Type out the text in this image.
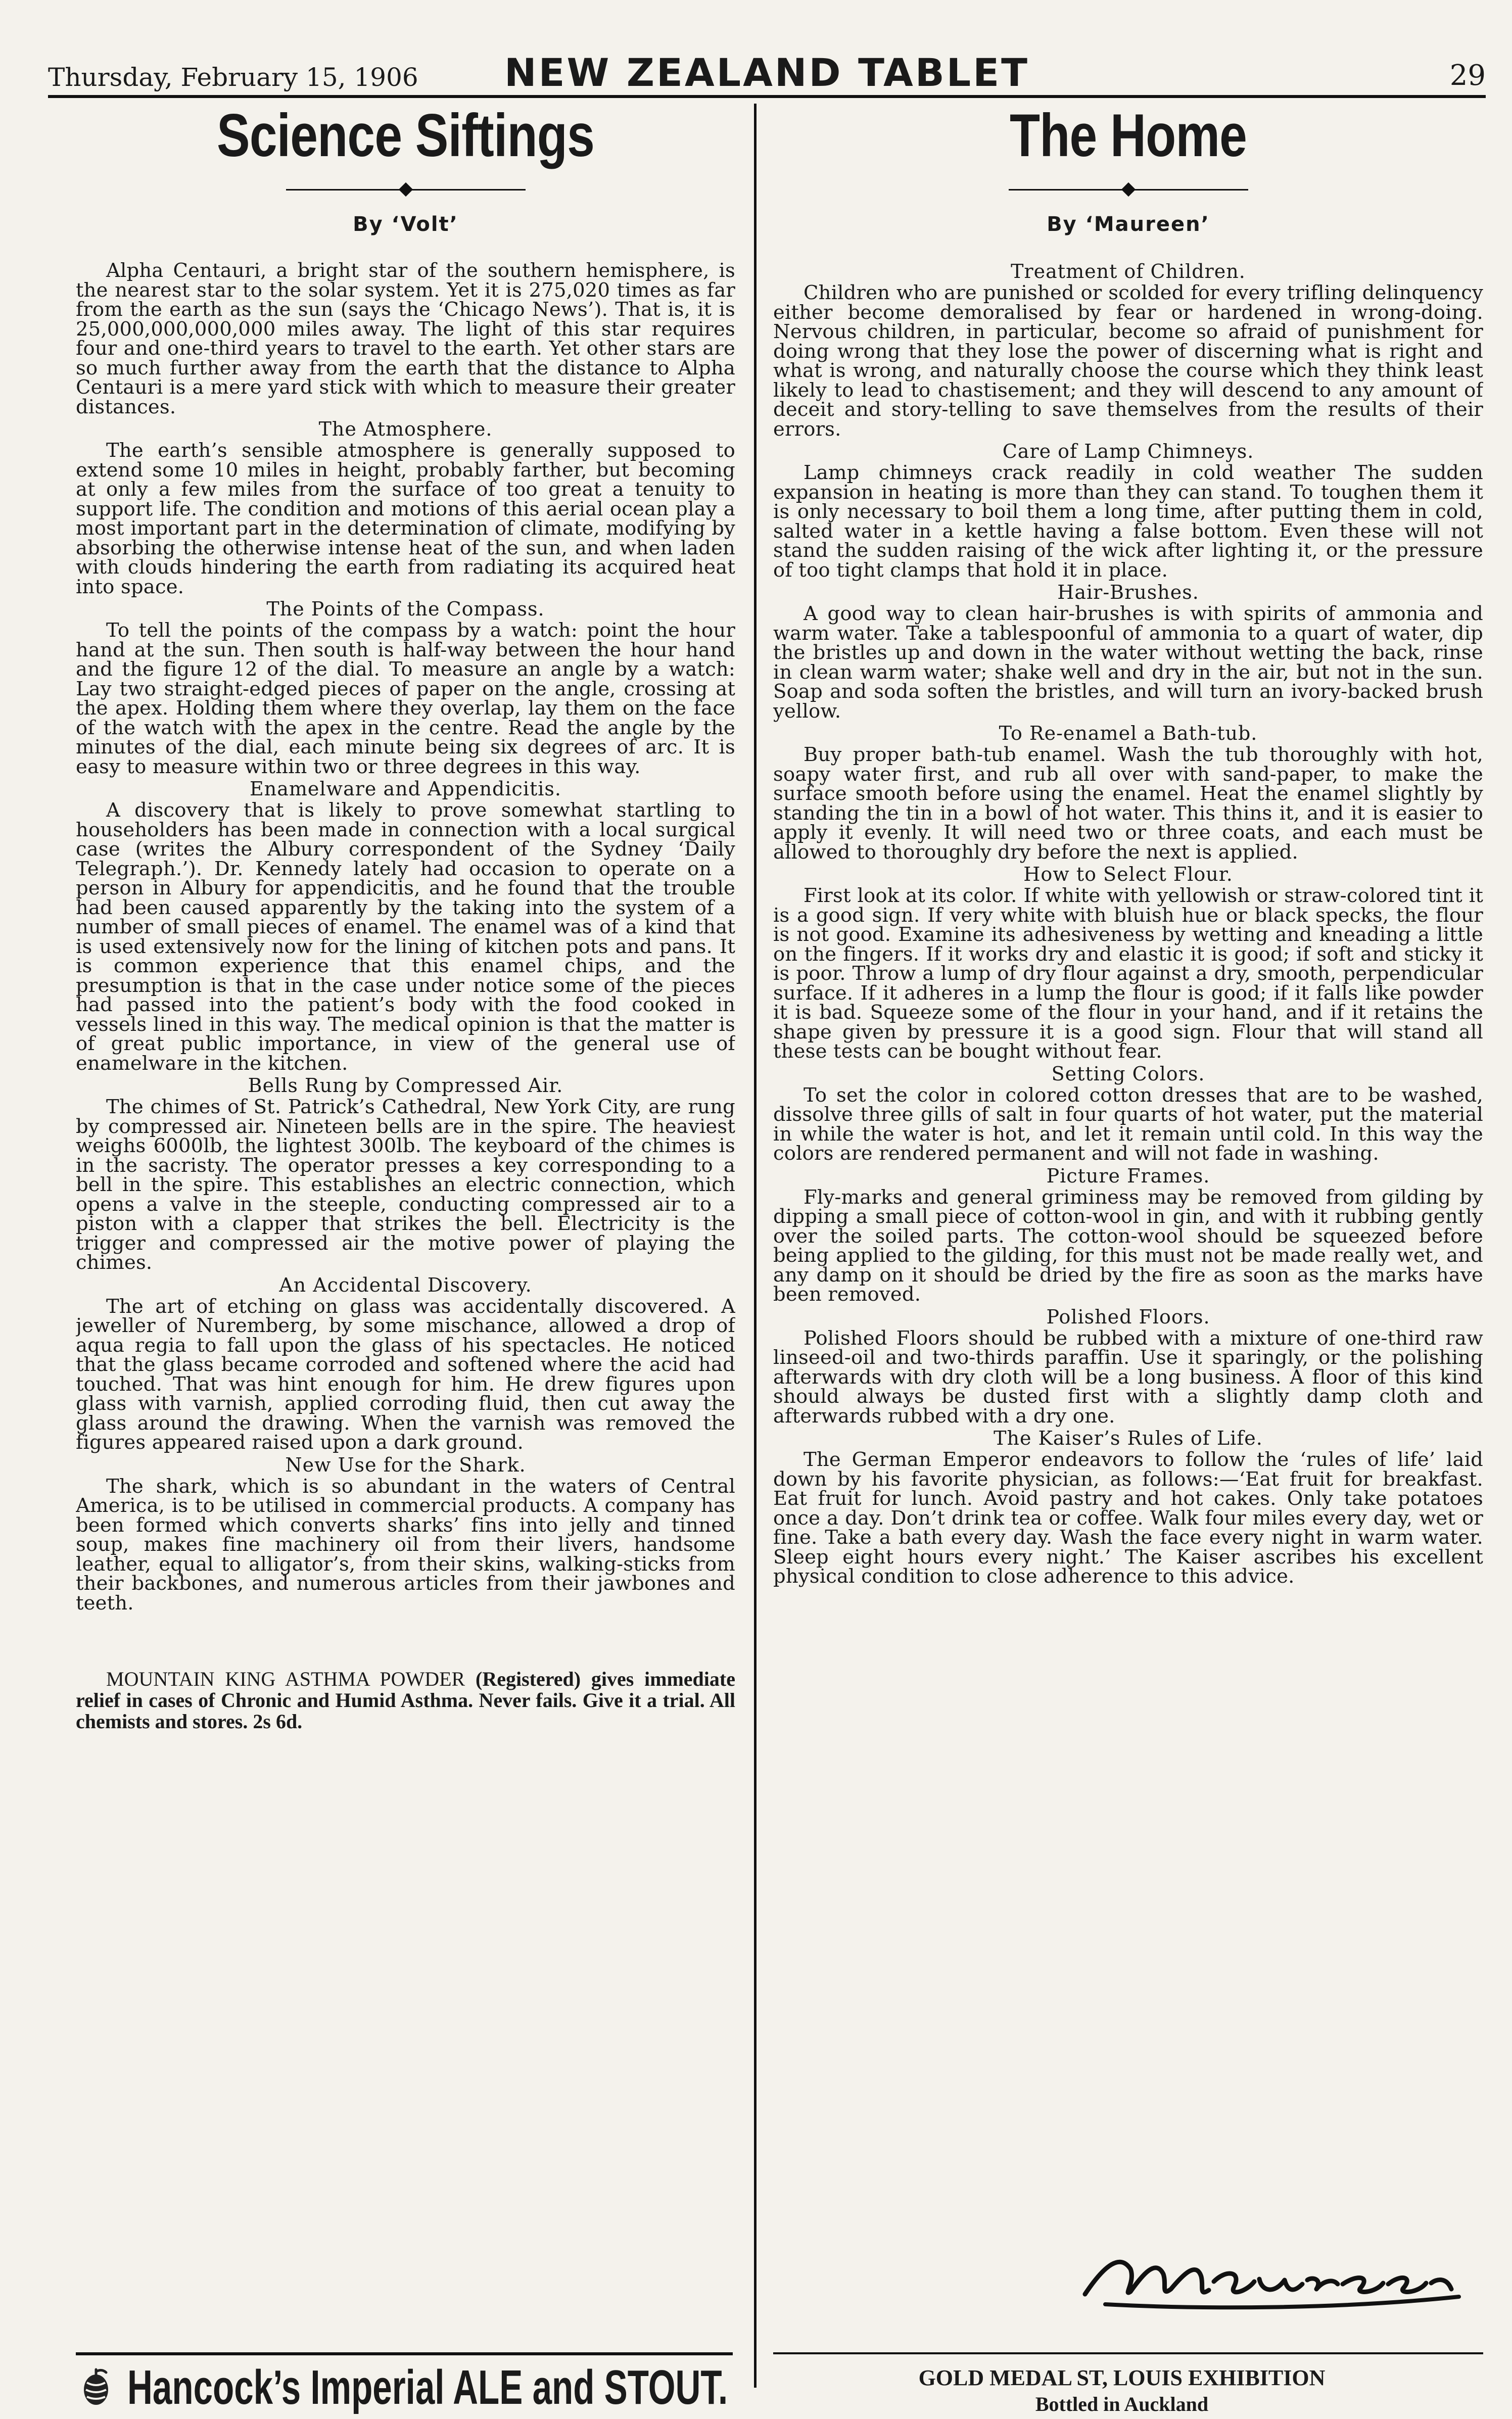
Thursday, February 15, 1906	NEW ZEALAND TABLET	29
Science Siftings

By ‘Volt’

Alpha Centauri, a bright star of the southern hemisphere, is the nearest star to the solar system. Yet it is 275,020 times as far from the earth as the sun (says the ‘Chicago News’). That is, it is 25,000,000,000,000 miles away. The light of this star requires four and one-third years to travel to the earth. Yet other stars are so much further away from the earth that the distance to Alpha Centauri is a mere yard stick with which to measure their greater distances.

The Atmosphere.

The earth’s sensible atmosphere is generally supposed to extend some 10 miles in height, probably farther, but becoming at only a few miles from the surface of too great a tenuity to support life. The condition and motions of this aerial ocean play a most important part in the determination of climate, modifying by absorbing the otherwise intense heat of the sun, and when laden with clouds hindering the earth from radiating its acquired heat into space.

The Points of the Compass.

To tell the points of the compass by a watch: point the hour hand at the sun. Then south is half-way between the hour hand and the figure 12 of the dial. To measure an angle by a watch: Lay two straight-edged pieces of paper on the angle, crossing at the apex. Holding them where they overlap, lay them on the face of the watch with the apex in the centre. Read the angle by the minutes of the dial, each minute being six degrees of arc. It is easy to measure within two or three degrees in this way.

Enamelware and Appendicitis.

A discovery that is likely to prove somewhat startling to householders has been made in connection with a local surgical case (writes the Albury correspondent of the Sydney ‘Daily Telegraph.’). Dr. Kennedy lately had occasion to operate on a person in Albury for appendicitis, and he found that the trouble had been caused apparently by the taking into the system of a number of small pieces of enamel. The enamel was of a kind that is used extensively now for the lining of kitchen pots and pans. It is common experience that this enamel chips, and the presumption is that in the case under notice some of the pieces had passed into the patient’s body with the food cooked in vessels lined in this way. The medical opinion is that the matter is of great public importance, in view of the general use of enamelware in the kitchen.

Bells Rung by Compressed Air.

The chimes of St. Patrick’s Cathedral, New York City, are rung by compressed air. Nineteen bells are in the spire. The heaviest weighs 6000lb, the lightest 300lb. The keyboard of the chimes is in the sacristy. The operator presses a key corresponding to a bell in the spire. This establishes an electric connection, which opens a valve in the steeple, conducting compressed air to a piston with a clapper that strikes the bell. Electricity is the trigger and compressed air the motive power of playing the chimes.

An Accidental Discovery.

The art of etching on glass was accidentally discovered. A jeweller of Nuremberg, by some mischance, allowed a drop of aqua regia to fall upon the glass of his spectacles. He noticed that the glass became corroded and softened where the acid had touched. That was hint enough for him. He drew figures upon glass with varnish, applied corroding fluid, then cut away the glass around the drawing. When the varnish was removed the figures appeared raised upon a dark ground.

New Use for the Shark.

The shark, which is so abundant in the waters of Central America, is to be utilised in commercial products. A company has been formed which converts sharks’ fins into jelly and tinned soup, makes fine machinery oil from their livers, handsome leather, equal to alligator’s, from their skins, walking-sticks from their backbones, and numerous articles from their jawbones and teeth.

MOUNTAIN KING ASTHMA POWDER (Registered) gives immediate relief in cases of Chronic and Humid Asthma. Never fails. Give it a trial. All chemists and stores. 2s 6d.

The Home

By ‘Maureen’

Treatment of Children.

Children who are punished or scolded for every trifling delinquency either become demoralised by fear or hardened in wrong-doing. Nervous children, in particular, become so afraid of punishment for doing wrong that they lose the power of discerning what is right and what is wrong, and naturally choose the course which they think least likely to lead to chastisement; and they will descend to any amount of deceit and story-telling to save themselves from the results of their errors.

Care of Lamp Chimneys.

Lamp chimneys crack readily in cold weather The sudden expansion in heating is more than they can stand. To toughen them it is only necessary to boil them a long time, after putting them in cold, salted water in a kettle having a false bottom. Even these will not stand the sudden raising of the wick after lighting it, or the pressure of too tight clamps that hold it in place.

Hair-Brushes.

A good way to clean hair-brushes is with spirits of ammonia and warm water. Take a tablespoonful of ammonia to a quart of water, dip the bristles up and down in the water without wetting the back, rinse in clean warm water; shake well and dry in the air, but not in the sun. Soap and soda soften the bristles, and will turn an ivory-backed brush yellow.

To Re-enamel a Bath-tub.

Buy proper bath-tub enamel. Wash the tub thoroughly with hot, soapy water first, and rub all over with sand-paper, to make the surface smooth before using the enamel. Heat the enamel slightly by standing the tin in a bowl of hot water. This thins it, and it is easier to apply it evenly. It will need two or three coats, and each must be allowed to thoroughly dry before the next is applied.

How to Select Flour.

First look at its color. If white with yellowish or straw-colored tint it is a good sign. If very white with bluish hue or black specks, the flour is not good. Examine its adhesiveness by wetting and kneading a little on the fingers. If it works dry and elastic it is good; if soft and sticky it is poor. Throw a lump of dry flour against a dry, smooth, perpendicular surface. If it adheres in a lump the flour is good; if it falls like powder it is bad. Squeeze some of the flour in your hand, and if it retains the shape given by pressure it is a good sign. Flour that will stand all these tests can be bought without fear.

Setting Colors.

To set the color in colored cotton dresses that are to be washed, dissolve three gills of salt in four quarts of hot water, put the material in while the water is hot, and let it remain until cold. In this way the colors are rendered permanent and will not fade in washing.

Picture Frames.

Fly-marks and general griminess may be removed from gilding by dipping a small piece of cotton-wool in gin, and with it rubbing gently over the soiled parts. The cotton-wool should be squeezed before being applied to the gilding, for this must not be made really wet, and any damp on it should be dried by the fire as soon as the marks have been removed.

Polished Floors.

Polished Floors should be rubbed with a mixture of one-third raw linseed-oil and two-thirds paraffin. Use it sparingly, or the polishing afterwards with dry cloth will be a long business. A floor of this kind should always be dusted first with a slightly damp cloth and afterwards rubbed with a dry one.

The Kaiser’s Rules of Life.

The German Emperor endeavors to follow the ‘rules of life’ laid down by his favorite physician, as follows:—‘Eat fruit for breakfast. Eat fruit for lunch. Avoid pastry and hot cakes. Only take potatoes once a day. Don’t drink tea or coffee. Walk four miles every day, wet or fine. Take a bath every day. Wash the face every night in warm water. Sleep eight hours every night.’ The Kaiser ascribes his excellent physical condition to close adherence to this advice.

Hancock’s Imperial ALE and STOUT.	GOLD MEDAL ST, LOUIS EXHIBITION
Bottled in Auckland
